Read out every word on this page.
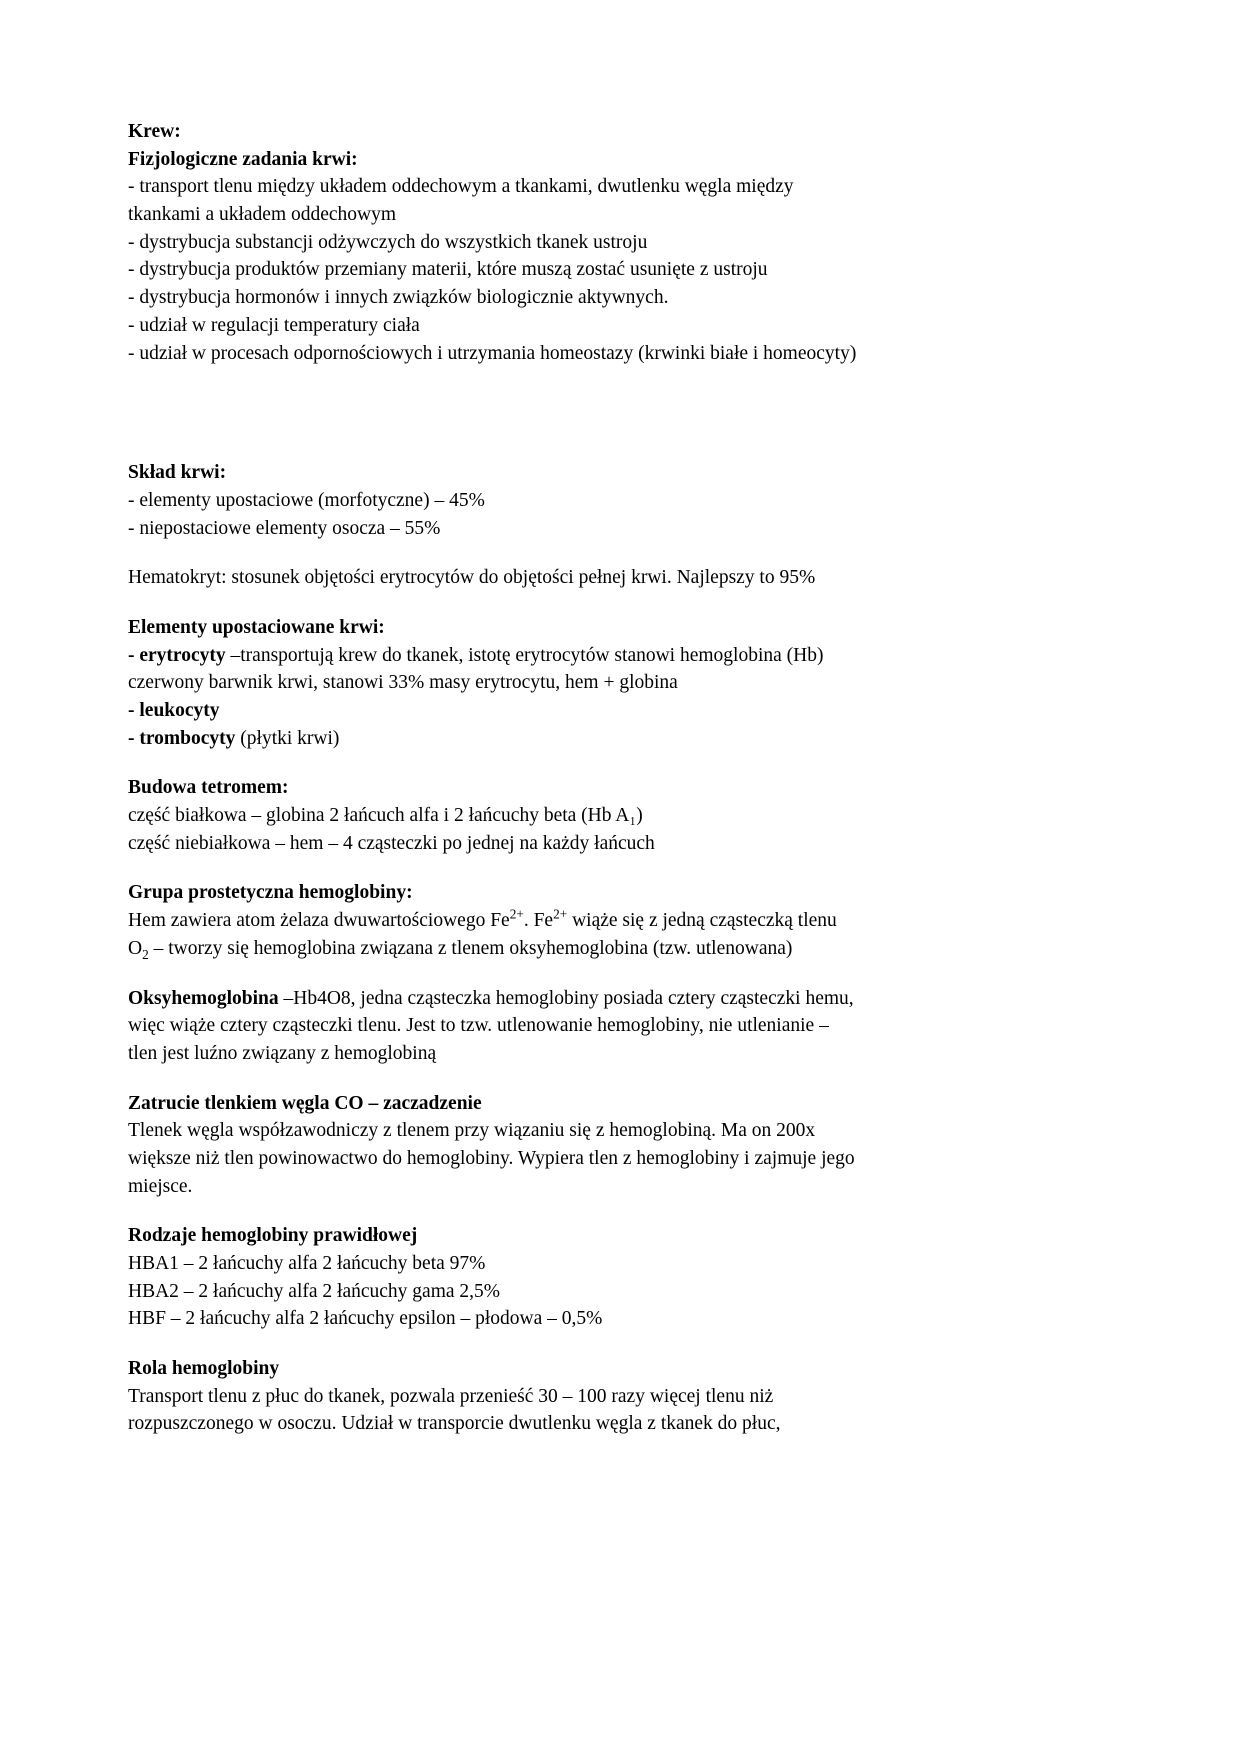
Krew:
Fizjologiczne zadania krwi:
- transport tlenu między układem oddechowym a tkankami, dwutlenku węgla między
tkankami a układem oddechowym
- dystrybucja substancji odżywczych do wszystkich tkanek ustroju
- dystrybucja produktów przemiany materii, które muszą zostać usunięte z ustroju
- dystrybucja hormonów i innych związków biologicznie aktywnych.
- udział w regulacji temperatury ciała
- udział w procesach odpornościowych i utrzymania homeostazy (krwinki białe i homeocyty)
Skład krwi:
- elementy upostaciowe (morfotyczne) – 45%
- niepostaciowe elementy osocza – 55%
Hematokryt: stosunek objętości erytrocytów do objętości pełnej krwi. Najlepszy to 95%
Elementy upostaciowane krwi:
- erytrocyty –transportują krew do tkanek, istotę erytrocytów stanowi hemoglobina (Hb)
czerwony barwnik krwi, stanowi 33% masy erytrocytu, hem + globina
- leukocyty
- trombocyty (płytki krwi)
Budowa tetromem:
część białkowa – globina 2 łańcuch alfa i 2 łańcuchy beta (Hb A₁)
część niebiałkowa – hem – 4 cząsteczki po jednej na każdy łańcuch
Grupa prostetyczna hemoglobiny:
Hem zawiera atom żelaza dwuwartościowego $Fe^{2+}$. $Fe^{2+}$ wiąże się z jedną cząsteczką tlenu
$O_2$ – tworzy się hemoglobina związana z tlenem oksyhemoglobina (tzw. utlenowana)
Oksyhemoglobina –Hb4O8, jedna cząsteczka hemoglobiny posiada cztery cząsteczki hemu,
więc wiąże cztery cząsteczki tlenu. Jest to tzw. utlenowanie hemoglobiny, nie utlenianie –
tlen jest luźno związany z hemoglobiną
Zatrucie tlenkiem węgla CO – zaczadzenie
Tlenek węgla współzawodniczy z tlenem przy wiązaniu się z hemoglobiną. Ma on 200x
większe niż tlen powinowactwo do hemoglobiny. Wypiera tlen z hemoglobiny i zajmuje jego
miejsce.
Rodzaje hemoglobiny prawidłowej
HBA1 – 2 łańcuchy alfa 2 łańcuchy beta 97%
HBA2 – 2 łańcuchy alfa 2 łańcuchy gama 2,5%
HBF – 2 łańcuchy alfa 2 łańcuchy epsilon – płodowa – 0,5%
Rola hemoglobiny
Transport tlenu z płuc do tkanek, pozwala przenieść 30 – 100 razy więcej tlenu niż
rozpuszczonego w osoczu. Udział w transporcie dwutlenku węgla z tkanek do płuc,
